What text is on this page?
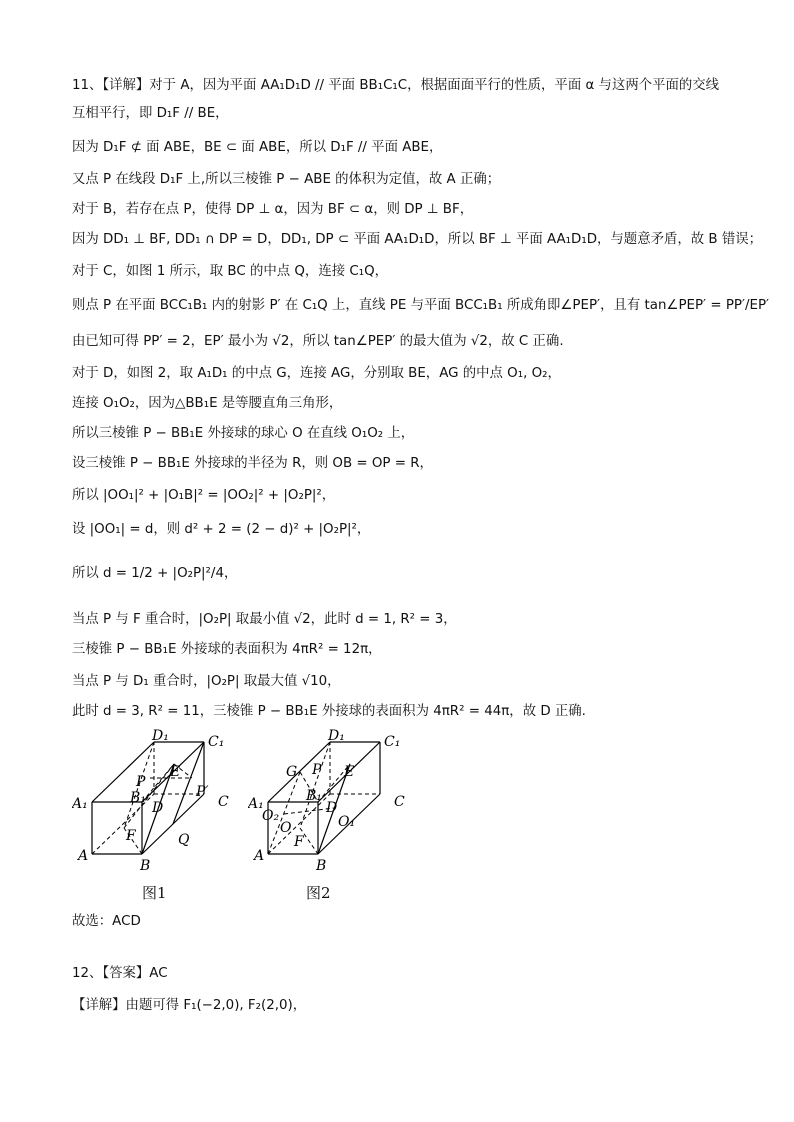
11、【详解】对于 A，因为平面 AA₁D₁D // 平面 BB₁C₁C，根据面面平行的性质，平面 α 与这两个平面的交线
互相平行，即 D₁F // BE，
因为 D₁F ⊄ 面 ABE，BE ⊂ 面 ABE，所以 D₁F // 平面 ABE，
又点 P 在线段 D₁F 上,所以三棱锥 P − ABE 的体积为定值，故 A 正确；
对于 B，若存在点 P，使得 DP ⊥ α，因为 BF ⊂ α，则 DP ⊥ BF，
因为 DD₁ ⊥ BF, DD₁ ∩ DP = D，DD₁, DP ⊂ 平面 AA₁D₁D，所以 BF ⊥ 平面 AA₁D₁D，与题意矛盾，故 B 错误；
对于 C，如图 1 所示，取 BC 的中点 Q，连接 C₁Q，
则点 P 在平面 BCC₁B₁ 内的射影 P′ 在 C₁Q 上，直线 PE 与平面 BCC₁B₁ 所成角即∠PEP′，且有 tan∠PEP′ = PP′/EP′
由已知可得 PP′ = 2，EP′ 最小为 √2，所以 tan∠PEP′ 的最大值为 √2，故 C 正确.
对于 D，如图 2，取 A₁D₁ 的中点 G，连接 AG，分别取 BE，AG 的中点 O₁, O₂，
连接 O₁O₂，因为△BB₁E 是等腰直角三角形，
所以三棱锥 P − BB₁E 外接球的球心 O 在直线 O₁O₂ 上，
设三棱锥 P − BB₁E 外接球的半径为 R，则 OB = OP = R，
所以 |OO₁|² + |O₁B|² = |OO₂|² + |O₂P|²，
设 |OO₁| = d，则 d² + 2 = (2 − d)² + |O₂P|²，
所以 d = 1/2 + |O₂P|²/4，
当点 P 与 F 重合时，|O₂P| 取最小值 √2，此时 d = 1, R² = 3，
三棱锥 P − BB₁E 外接球的表面积为 4πR² = 12π，
当点 P 与 D₁ 重合时，|O₂P| 取最大值 √10，
此时 d = 3, R² = 11，三棱锥 P − BB₁E 外接球的表面积为 4πR² = 44π，故 D 正确.
D₁	C₁
P
E
A₁	B₁	P′
C
D
F	Q
A
B
D₁	C₁
G P E
A₁	B₁	C
O₂	D
O	O₁
F
A
B
图1	图2
故选：ACD
12、【答案】AC
【详解】由题可得 F₁(−2,0), F₂(2,0)，
